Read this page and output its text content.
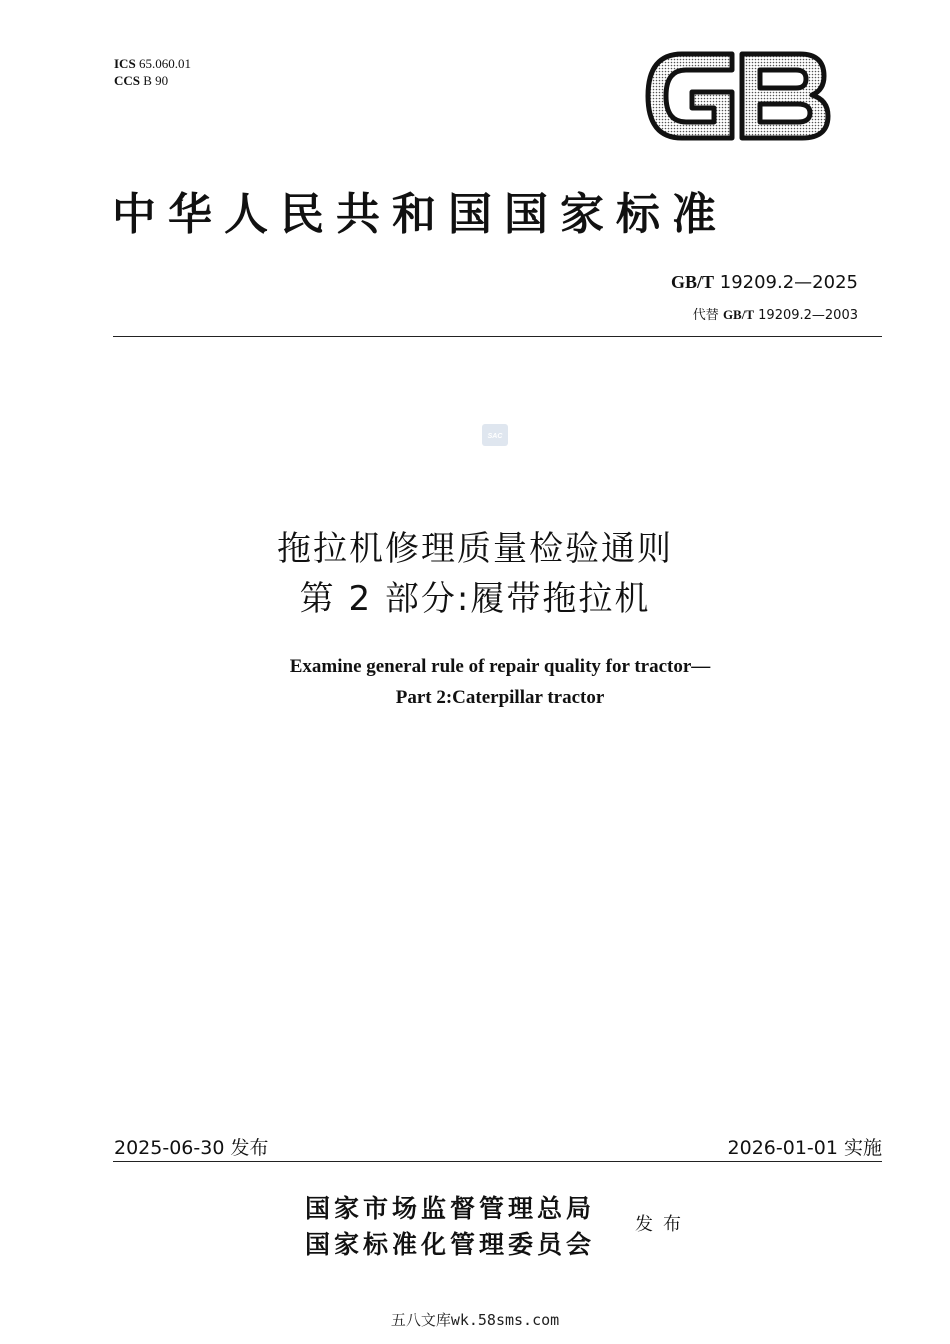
ICS 65.060.01
CCS B 90
中华人民共和国国家标准
GB/T 19209.2—2025
代替 GB/T 19209.2—2003
SAC
拖拉机修理质量检验通则
第 2 部分:履带拖拉机
Examine general rule of repair quality for tractor—
Part 2:Caterpillar tractor
2025-06-30 发布	2026-01-01 实施
国家市场监督管理总局
国家标准化管理委员会
发布
五八文库wk.58sms.com
